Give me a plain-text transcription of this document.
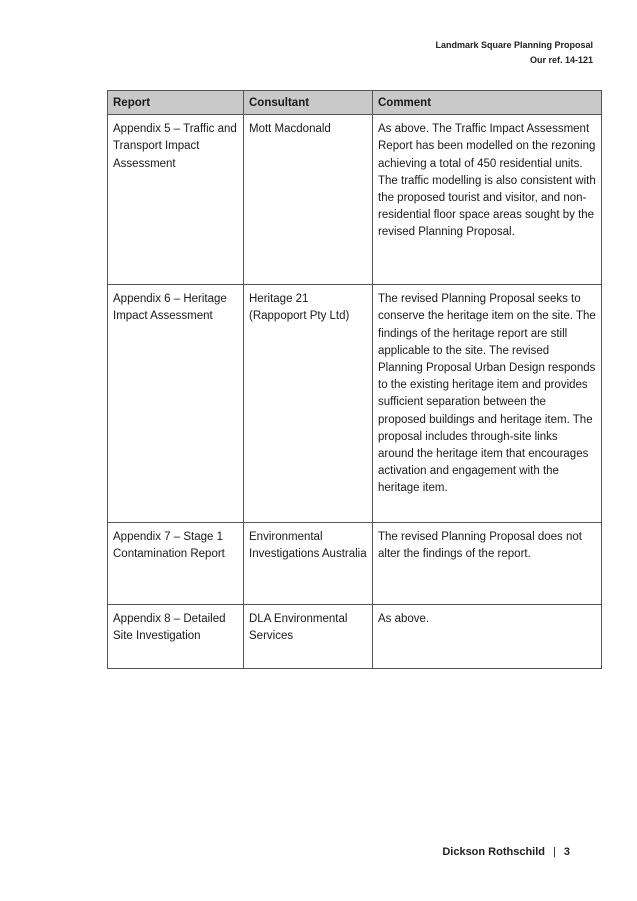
Landmark Square Planning Proposal
Our ref. 14-121
Report	Consultant	Comment
Appendix 5 – Traffic and Transport Impact Assessment	Mott Macdonald	As above. The Traffic Impact Assessment Report has been modelled on the rezoning achieving a total of 450 residential units. The traffic modelling is also consistent with the proposed tourist and visitor, and non-residential floor space areas sought by the revised Planning Proposal.
Appendix 6 – Heritage Impact Assessment	Heritage 21 (Rappoport Pty Ltd)	The revised Planning Proposal seeks to conserve the heritage item on the site. The findings of the heritage report are still applicable to the site. The revised Planning Proposal Urban Design responds to the existing heritage item and provides sufficient separation between the proposed buildings and heritage item. The proposal includes through-site links around the heritage item that encourages activation and engagement with the heritage item.
Appendix 7 – Stage 1 Contamination Report	Environmental Investigations Australia	The revised Planning Proposal does not alter the findings of the report.
Appendix 8 – Detailed Site Investigation	DLA Environmental Services	As above.
Dickson Rothschild | 3
